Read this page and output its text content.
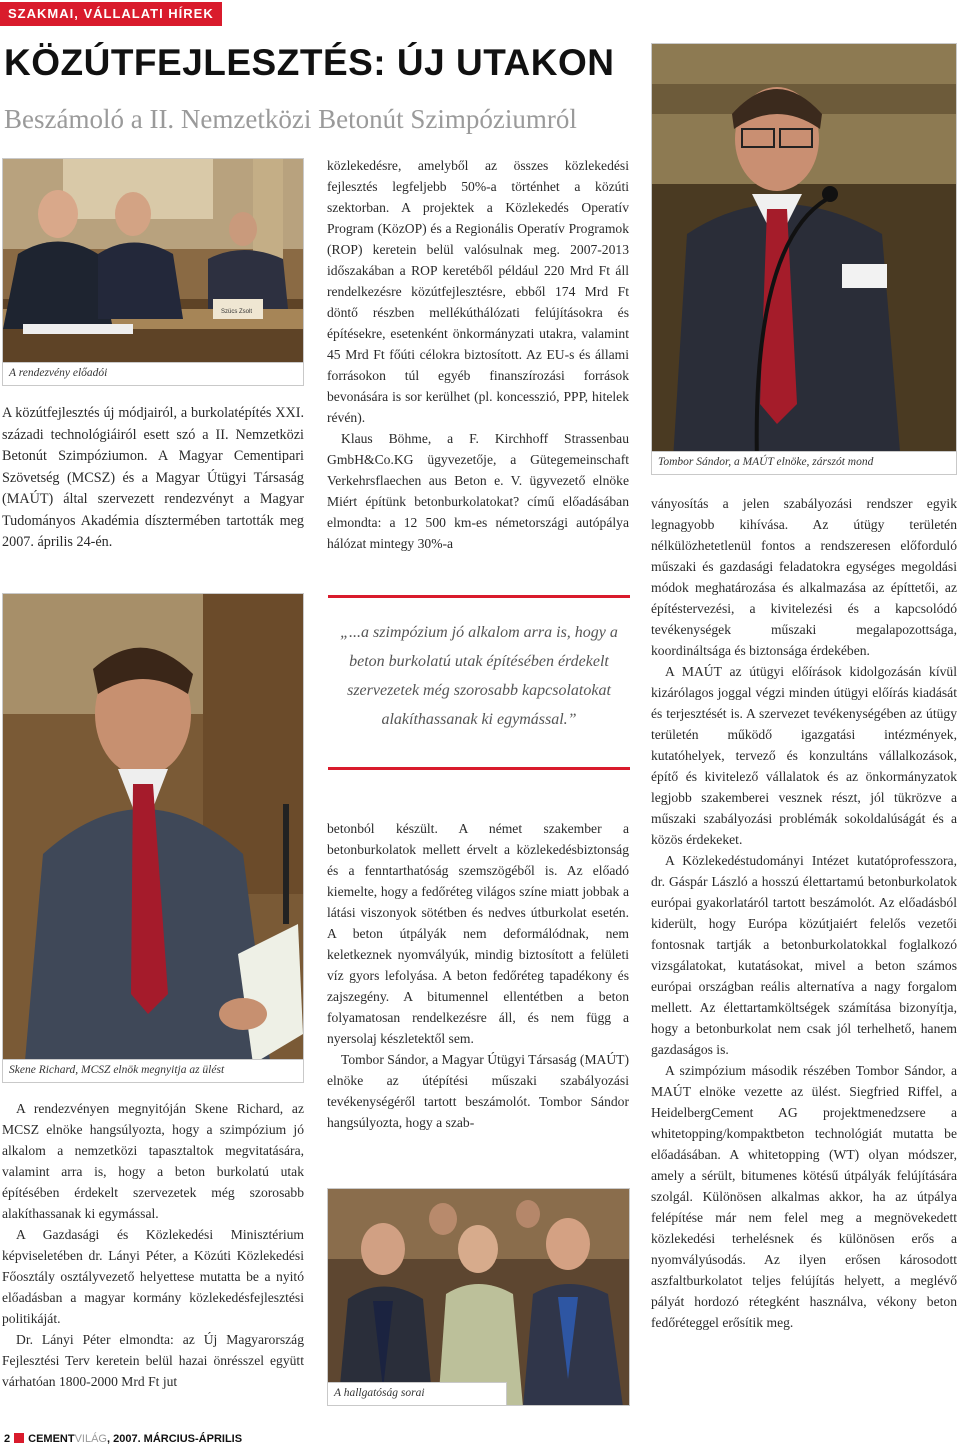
SZAKMAI, VÁLLALATI HÍREK
KÖZÚTFEJLESZTÉS: ÚJ UTAKON
Beszámoló a II. Nemzetközi Betonút Szimpóziumról
Szücs Zsolt
A rendezvény előadói

A közútfejlesztés új módjairól, a burkolatépítés XXI. századi technológiáiról esett szó a II. Nemzetközi Betonút Szimpóziumon. A Magyar Cementipari Szövetség (MCSZ) és a Magyar Útügyi Társaság (MAÚT) által szervezett rendezvényt a Magyar Tudományos Akadémia dísztermében tartották meg 2007. április 24-én.

Skene Richard, MCSZ elnök megnyitja az ülést

A rendezvényen megnyitóján Skene Richard, az MCSZ elnöke hangsúlyozta, hogy a szimpózium jó alkalom a nemzetközi tapasztaltok megvitatására, valamint arra is, hogy a beton burkolatú utak építésében érdekelt szervezetek még szorosabb alakíthassanak ki egymással.

A Gazdasági és Közlekedési Minisztérium képviseletében dr. Lányi Péter, a Közúti Közlekedési Főosztály osztályvezető helyettese mutatta be a nyitó előadásban a magyar kormány közlekedésfejlesztési politikáját.

Dr. Lányi Péter elmondta: az Új Magyarország Fejlesztési Terv keretein belül hazai önrésszel együtt várhatóan 1800-2000 Mrd Ft jut

közlekedésre, amelyből az összes közlekedési fejlesztés legfeljebb 50%-a történhet a közúti szektorban. A projektek a Közlekedés Operatív Program (KözOP) és a Regionális Operatív Programok (ROP) keretein belül valósulnak meg. 2007-2013 időszakában a ROP keretéből például 220 Mrd Ft áll rendelkezésre közútfejlesztésre, ebből 174 Mrd Ft döntő részben mellékúthálózati felújításokra és építésekre, esetenként önkormányzati utakra, valamint 45 Mrd Ft főúti célokra biztosított. Az EU-s és állami forrásokon túl egyéb finanszírozási források bevonására is sor kerülhet (pl. koncesszió, PPP, hitelek révén).

Klaus Böhme, a F. Kirchhoff Strassenbau GmbH&Co.KG ügyvezetője, a Gütegemeinschaft Verkehrsflaechen aus Beton e. V. ügyvezető elnöke Miért építünk betonburkolatokat? című előadásában elmondta: a 12 500 km-es németországi autópálya hálózat mintegy 30%-a

„...a szimpózium jó alkalom arra is, hogy a beton burkolatú utak építésében érdekelt szervezetek még szorosabb kapcsolatokat alakíthassanak ki egymással.”

betonból készült. A német szakember a betonburkolatok mellett érvelt a közlekedésbiztonság és a fenntarthatóság szemszögéből is. Az előadó kiemelte, hogy a fedőréteg világos színe miatt jobbak a látási viszonyok sötétben és nedves útburkolat esetén. A beton útpályák nem deformálódnak, nem keletkeznek nyomvályúk, mindig biztosított a felületi víz gyors lefolyása. A beton fedőréteg tapadékony és zajszegény. A bitumennel ellentétben a beton folyamatosan rendelkezésre áll, és nem függ a nyersolaj készletektől sem.

Tombor Sándor, a Magyar Útügyi Társaság (MAÚT) elnöke az útépítési műszaki szabályozási tevékenységéről tartott beszámolót. Tombor Sándor hangsúlyozta, hogy a szab-

A hallgatóság sorai
Tombor Sándor, a MAÚT elnöke, zárszót mond

ványosítás a jelen szabályozási rendszer egyik legnagyobb kihívása. Az útügy területén nélkülözhetetlenül fontos a rendszeresen előforduló műszaki és gazdasági feladatokra egységes megoldási módok meghatározása és alkalmazása az építtetői, az építéstervezési, a kivitelezési és a kapcsolódó tevékenységek műszaki megalapozottsága, koordináltsága és biztonsága érdekében.

A MAÚT az útügyi előírások kidolgozásán kívül kizárólagos joggal végzi minden útügyi előírás kiadását és terjesztését is. A szervezet tevékenységében az útügy területén működő igazgatási intézmények, kutatóhelyek, tervező és konzultáns vállalkozások, építő és kivitelező vállalatok és az önkormányzatok legjobb szakemberei vesznek részt, jól tükrözve a műszaki szabályozási problémák sokoldalúságát és a közös érdekeket.

A Közlekedéstudományi Intézet kutatóprofesszora, dr. Gáspár László a hosszú élettartamú betonburkolatok európai gyakorlatáról tartott beszámolót. Az előadásból kiderült, hogy Európa közútjaiért felelős vezetői fontosnak tartják a betonburkolatokkal foglalkozó vizsgálatokat, kutatásokat, mivel a beton számos európai országban reális alternatíva a nagy forgalom mellett. Az élettartamköltségek számítása bizonyítja, hogy a betonburkolat nem csak jól terhelhető, hanem gazdaságos is.

A szimpózium második részében Tombor Sándor, a MAÚT elnöke vezette az ülést. Siegfried Riffel, a HeidelbergCement AG projektmenedzsere a whitetopping/kompaktbeton technológiát mutatta be előadásában. A whitetopping (WT) olyan módszer, amely a sérült, bitumenes kötésű útpályák felújítására szolgál. Különösen alkalmas akkor, ha az útpálya felépítése már nem felel meg a megnövekedett közlekedési terhelésnek és különösen erős a nyomvályúsodás. Az ilyen erősen károsodott aszfaltburkolatot teljes felújítás helyett, a meglévő pályát hordozó rétegként használva, vékony beton fedőréteggel erősítik meg.

2 CEMENTVILÁG, 2007. MÁRCIUS-ÁPRILIS
